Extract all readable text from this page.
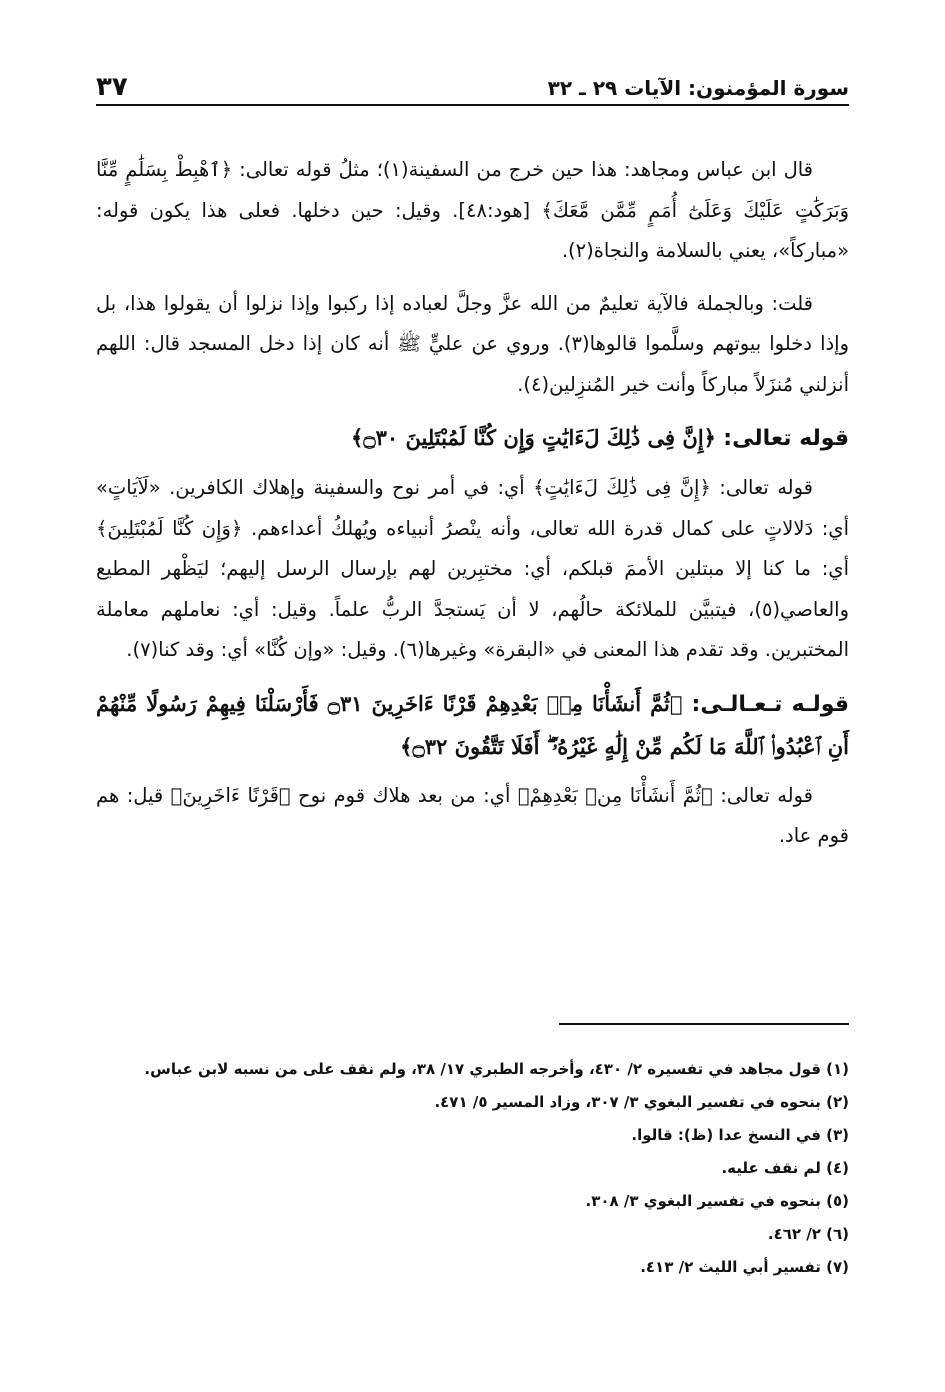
سورة المؤمنون: الآيات ٢٩ ـ ٣٢
٣٧

قال ابن عباس ومجاهد: هذا حين خرج من السفينة(١)؛ مثلُ قوله تعالى: ﴿ٱهْبِطْ بِسَلَٰمٍ مِّنَّا وَبَرَكَٰتٍ عَلَيْكَ وَعَلَىٰٓ أُمَمٍ مِّمَّن مَّعَكَ﴾ [هود:٤٨]. وقيل: حين دخلها. فعلى هذا يكون قوله: «مباركاً»، يعني بالسلامة والنجاة(٢).

قلت: وبالجملة فالآية تعليمٌ من الله عزَّ وجلَّ لعباده إذا ركبوا وإذا نزلوا أن يقولوا هذا، بل وإذا دخلوا بيوتهم وسلَّموا قالوها(٣). وروي عن عليٍّ ﷺ أنه كان إذا دخل المسجد قال: اللهم أنزلني مُنزَلاً مباركاً وأنت خير المُنزِلين(٤).

قوله تعالى: ﴿إِنَّ فِى ذَٰلِكَ لَءَايَٰتٍ وَإِن كُنَّا لَمُبْتَلِينَ ۝٣٠﴾

قوله تعالى: ﴿إِنَّ فِى ذَٰلِكَ لَءَايَٰتٍ﴾ أي: في أمر نوح والسفينة وإهلاك الكافرين. «لَآيَاتٍ» أي: دَلالاتٍ على كمال قدرة الله تعالى، وأنه ينْصرُ أنبياءه ويُهلكُ أعداءهم. ﴿وَإِن كُنَّا لَمُبْتَلِينَ﴾ أي: ما كنا إلا مبتلين الأممَ قبلكم، أي: مختبِرين لهم بإرسال الرسل إليهم؛ ليَظْهر المطيع والعاصي(٥)، فيتبيَّن للملائكة حالُهم، لا أن يَستجدَّ الربُّ علماً. وقيل: أي: نعاملهم معاملة المختبرين. وقد تقدم هذا المعنى في «البقرة» وغيرها(٦). وقيل: «وإن كُنَّا» أي: وقد كنا(٧).

قولـه تـعـالـى: ﴿ثُمَّ أَنشَأْنَا مِنۢ بَعْدِهِمْ قَرْنًا ءَاخَرِينَ ۝٣١ فَأَرْسَلْنَا فِيهِمْ رَسُولًا مِّنْهُمْ أَنِ ٱعْبُدُوا۟ ٱللَّهَ مَا لَكُم مِّنْ إِلَٰهٍ غَيْرُهُۥٓ ۖ أَفَلَا تَتَّقُونَ ۝٣٢﴾

قوله تعالى: ﴿ثُمَّ أَنشَأْنَا مِنۢ بَعْدِهِمْ﴾ أي: من بعد هلاك قوم نوح ﴿قَرْنًا ءَاخَرِينَ﴾ قيل: هم قوم عاد.

(١) قول مجاهد في تفسيره ٢/ ٤٣٠، وأخرجه الطبري ١٧/ ٣٨، ولم نقف على من نسبه لابن عباس.

(٢) بنحوه في تفسير البغوي ٣/ ٣٠٧، وزاد المسير ٥/ ٤٧١.

(٣) في النسخ عدا (ظ): قالوا.

(٤) لم نقف عليه.

(٥) بنحوه في تفسير البغوي ٣/ ٣٠٨.

(٦) ٢/ ٤٦٢.

(٧) تفسير أبي الليث ٢/ ٤١٣.
